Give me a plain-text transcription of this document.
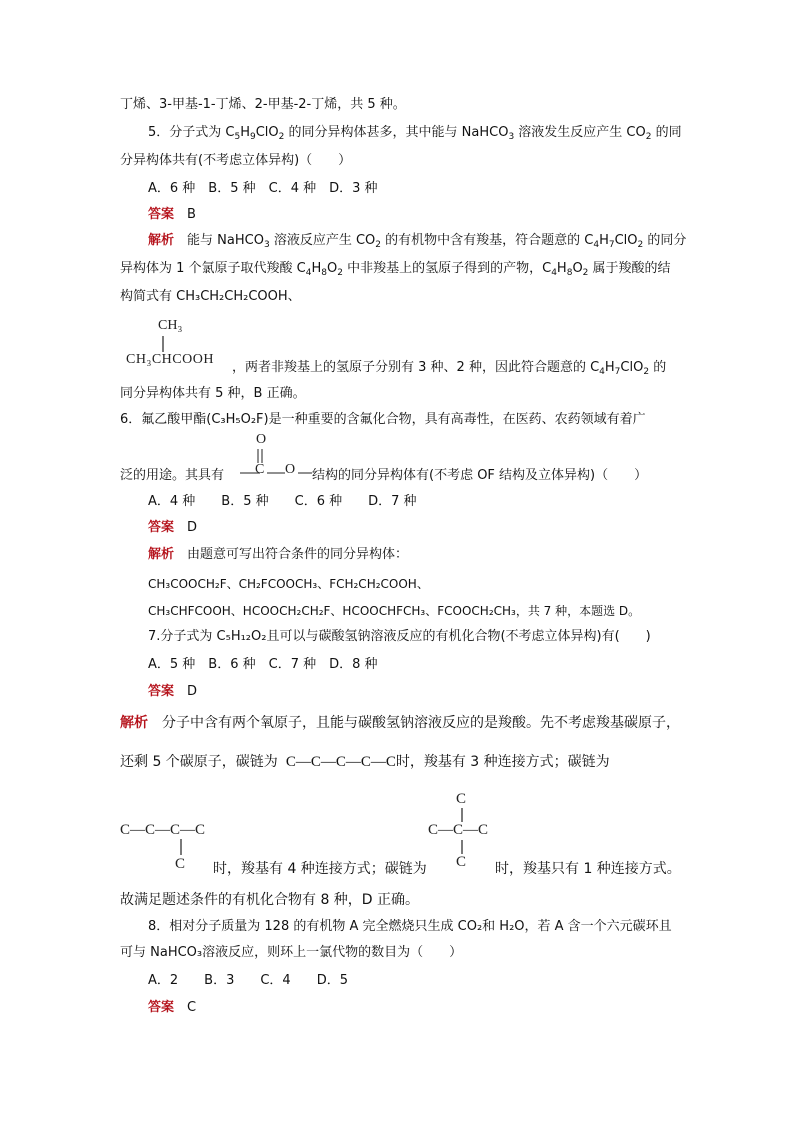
丁烯、3-甲基-1-丁烯、2-甲基-2-丁烯，共 5 种。
5．分子式为 $C_5H_9ClO_2$ 的同分异构体甚多，其中能与 NaHCO$_3$ 溶液发生反应产生 $CO_2$ 的同
分异构体共有(不考虑立体异构)（　　）
A．6 种　B．5 种　C．4 种　D．3 种
答案　 B
解析　 能与 NaHCO$_3$ 溶液反应产生 $CO_2$ 的有机物中含有羧基，符合题意的 $C_4H_7ClO_2$ 的同分
异构体为 1 个氯原子取代羧酸 $C_4H_8O_2$ 中非羧基上的氢原子得到的产物，$C_4H_8O_2$ 属于羧酸的结
构简式有 CH₃CH₂CH₂COOH、
CH₃
CH₃CHCOOH
，两者非羧基上的氢原子分别有 3 种、2 种，因此符合题意的 $C_4H_7ClO_2$ 的
同分异构体共有 5 种，B 正确。
6．氟乙酸甲酯(C₃H₅O₂F)是一种重要的含氟化合物，具有高毒性，在医药、农药领域有着广
O
C O
泛的用途。其具有	结构的同分异构体有(不考虑 OF 结构及立体异构)（　　）
A．4 种　　B．5 种　　C．6 种　　D．7 种
答案　 D
解析　 由题意可写出符合条件的同分异构体：
CH₃COOCH₂F、CH₂FCOOCH₃、FCH₂CH₂COOH、
CH₃CHFCOOH、HCOOCH₂CH₂F、HCOOCHFCH₃、FCOOCH₂CH₃，共 7 种，本题选 D。
7.分子式为 C₅H₁₂O₂且可以与碳酸氢钠溶液反应的有机化合物(不考虑立体异构)有(　　)
A．5 种　B．6 种　C．7 种　D．8 种
答案　 D
解析　 分子中含有两个氧原子，且能与碳酸氢钠溶液反应的是羧酸。先不考虑羧基碳原子，
还剩 5 个碳原子，碳链为 C—C—C—C—C时，羧基有 3 种连接方式；碳链为
C—C—C—C
C 时，羧基有 4 种连接方式；碳链为
C
C—C—C
C 时，羧基只有 1 种连接方式。
故满足题述条件的有机化合物有 8 种，D 正确。
8．相对分子质量为 128 的有机物 A 完全燃烧只生成 CO₂和 H₂O，若 A 含一个六元碳环且
可与 NaHCO₃溶液反应，则环上一氯代物的数目为（　　）
A．2　　B．3　　C．4　　D．5
答案　 C
